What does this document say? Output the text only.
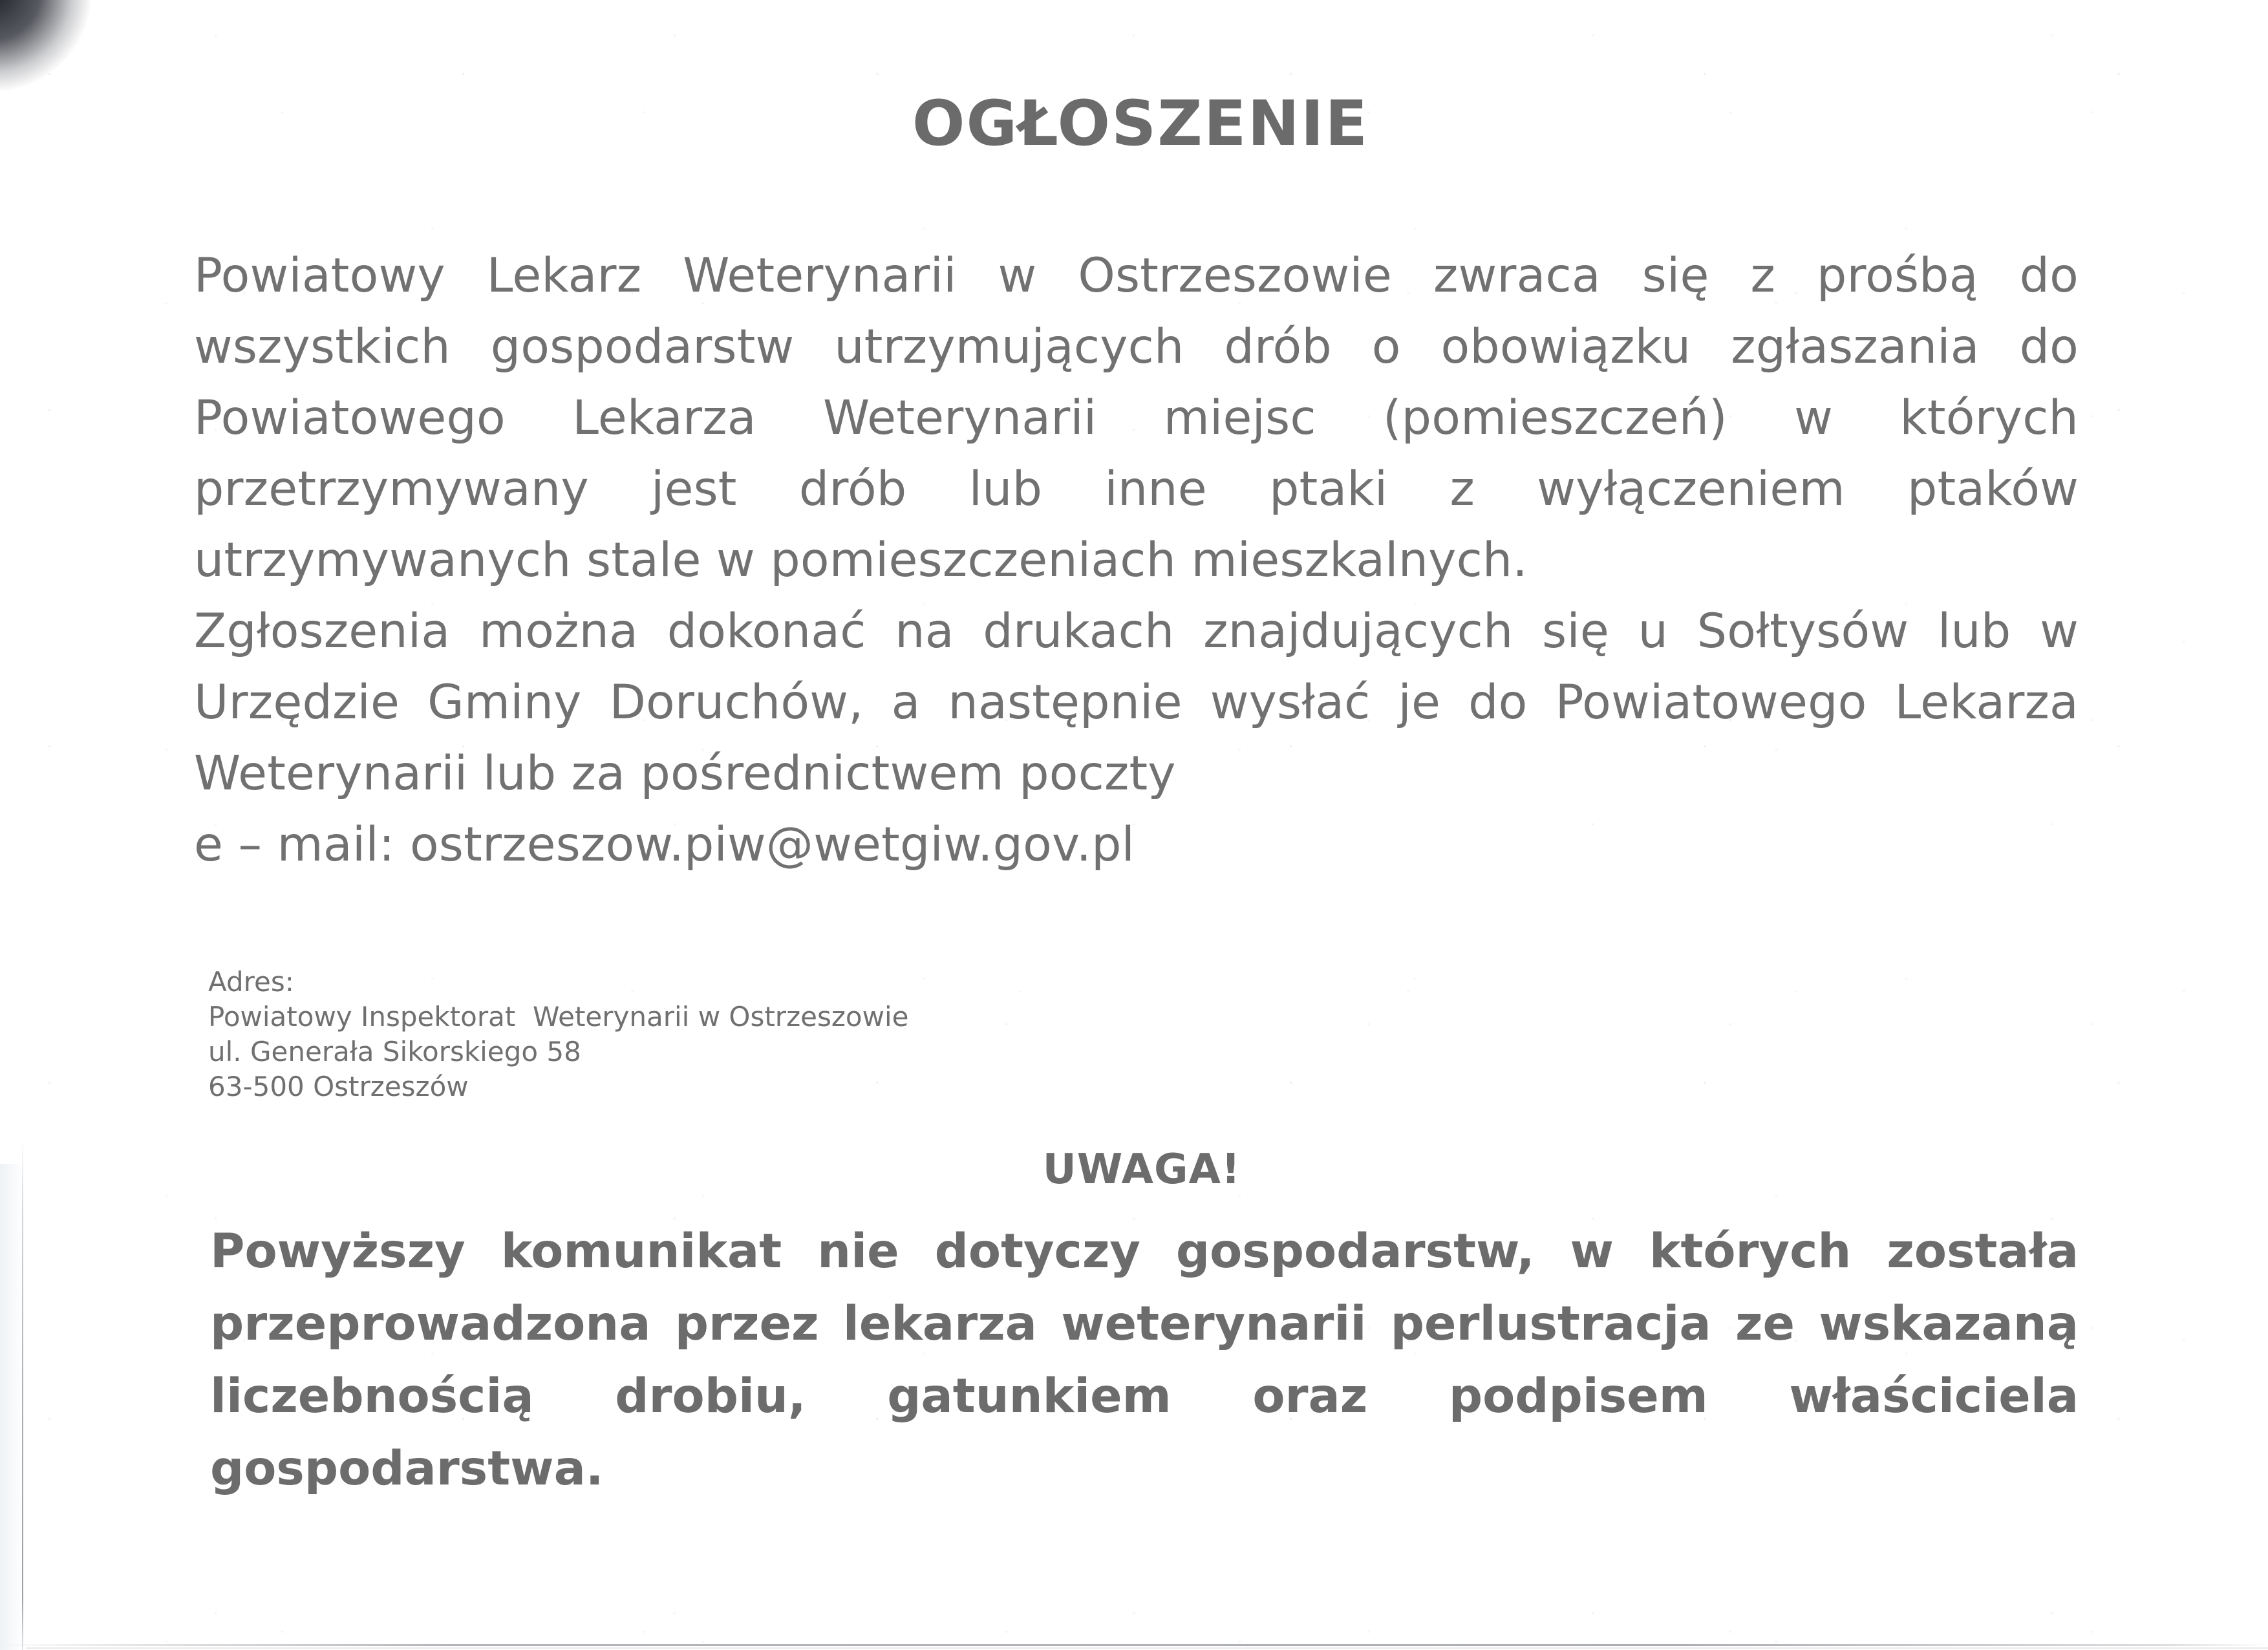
OGŁOSZENIE

Powiatowy Lekarz Weterynarii w Ostrzeszowie zwraca się z prośbą do wszystkich gospodarstw utrzymujących drób o obowiązku zgłaszania do Powiatowego Lekarza Weterynarii miejsc (pomieszczeń) w których przetrzymywany jest drób lub inne ptaki z wyłączeniem ptaków utrzymywanych stale w pomieszczeniach mieszkalnych.

Zgłoszenia można dokonać na drukach znajdujących się u Sołtysów lub w Urzędzie Gminy Doruchów, a następnie wysłać je do Powiatowego Lekarza Weterynarii lub za pośrednictwem poczty

e – mail: ostrzeszow.piw@wetgiw.gov.pl

Adres:
Powiatowy Inspektorat  Weterynarii w Ostrzeszowie
ul. Generała Sikorskiego 58
63-500 Ostrzeszów
UWAGA!

Powyższy komunikat nie dotyczy gospodarstw, w których została przeprowadzona przez lekarza weterynarii perlustracja ze wskazaną liczebnością drobiu, gatunkiem oraz podpisem właściciela gospodarstwa.
